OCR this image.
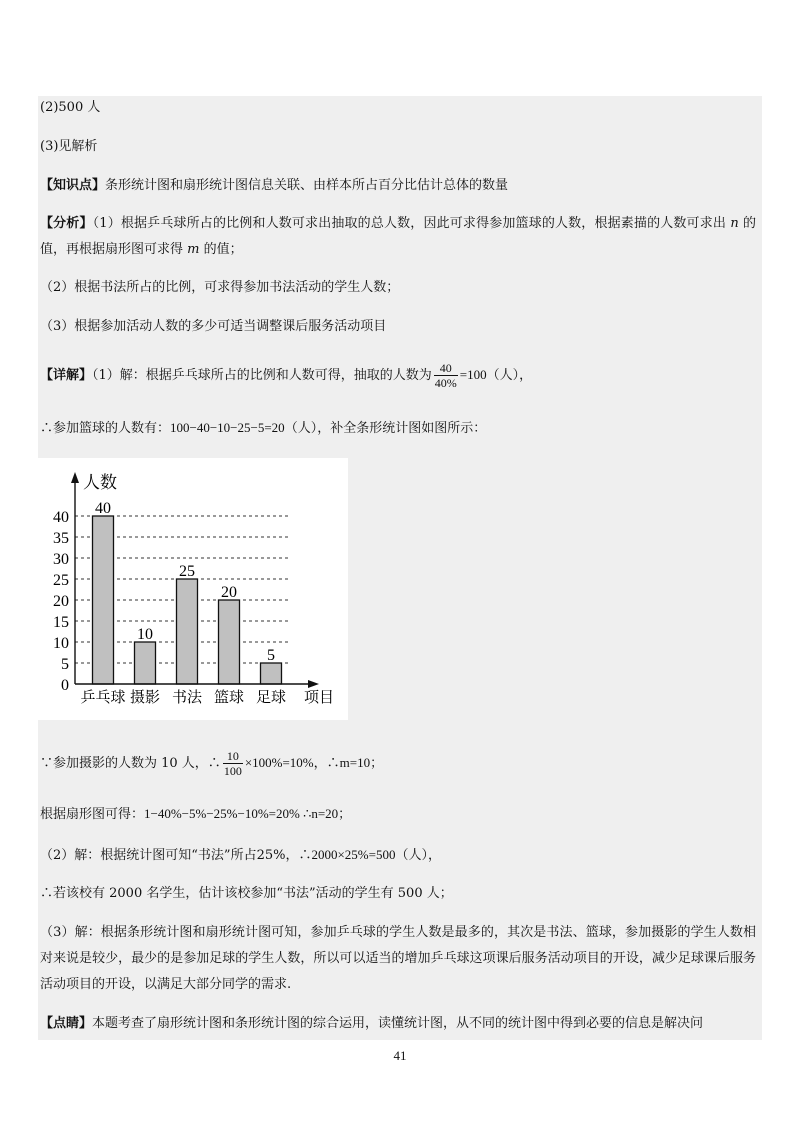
(2)500 人
(3)见解析
【知识点】条形统计图和扇形统计图信息关联、由样本所占百分比估计总体的数量
【分析】（1）根据乒乓球所占的比例和人数可求出抽取的总人数，因此可求得参加篮球的人数，根据素描的人数可求出 n 的值，再根据扇形图可求得 m 的值；
（2）根据书法所占的比例，可求得参加书法活动的学生人数；
（3）根据参加活动人数的多少可适当调整课后服务活动项目
【详解】（1）解：根据乒乓球所占的比例和人数可得，抽取的人数为 $\frac{40}{40\%} =100$（人），
∴参加篮球的人数有：100−40−10−25−5=20（人），补全条形统计图如图所示：
0
5
10
15
20
25
30
35
40
40
乒乓球
10
摄影
25
书法
20
篮球
5
足球
人数
项目
∵参加摄影的人数为 10 人，∴ $\frac{10}{100} \times 100\%=10\%$，∴m=10；
根据扇形图可得：1−40%−5%−25%−10%=20% ∴n=20；
（2）解：根据统计图可知“书法”所占25%，∴2000×25%=500（人），
∴若该校有 2000 名学生，估计该校参加“书法”活动的学生有 500 人；
（3）解：根据条形统计图和扇形统计图可知，参加乒乓球的学生人数是最多的，其次是书法、篮球，参加摄影的学生人数相对来说是较少，最少的是参加足球的学生人数，所以可以适当的增加乒乓球这项课后服务活动项目的开设，减少足球课后服务活动项目的开设，以满足大部分同学的需求.
【点睛】本题考查了扇形统计图和条形统计图的综合运用，读懂统计图，从不同的统计图中得到必要的信息是解决问
41
